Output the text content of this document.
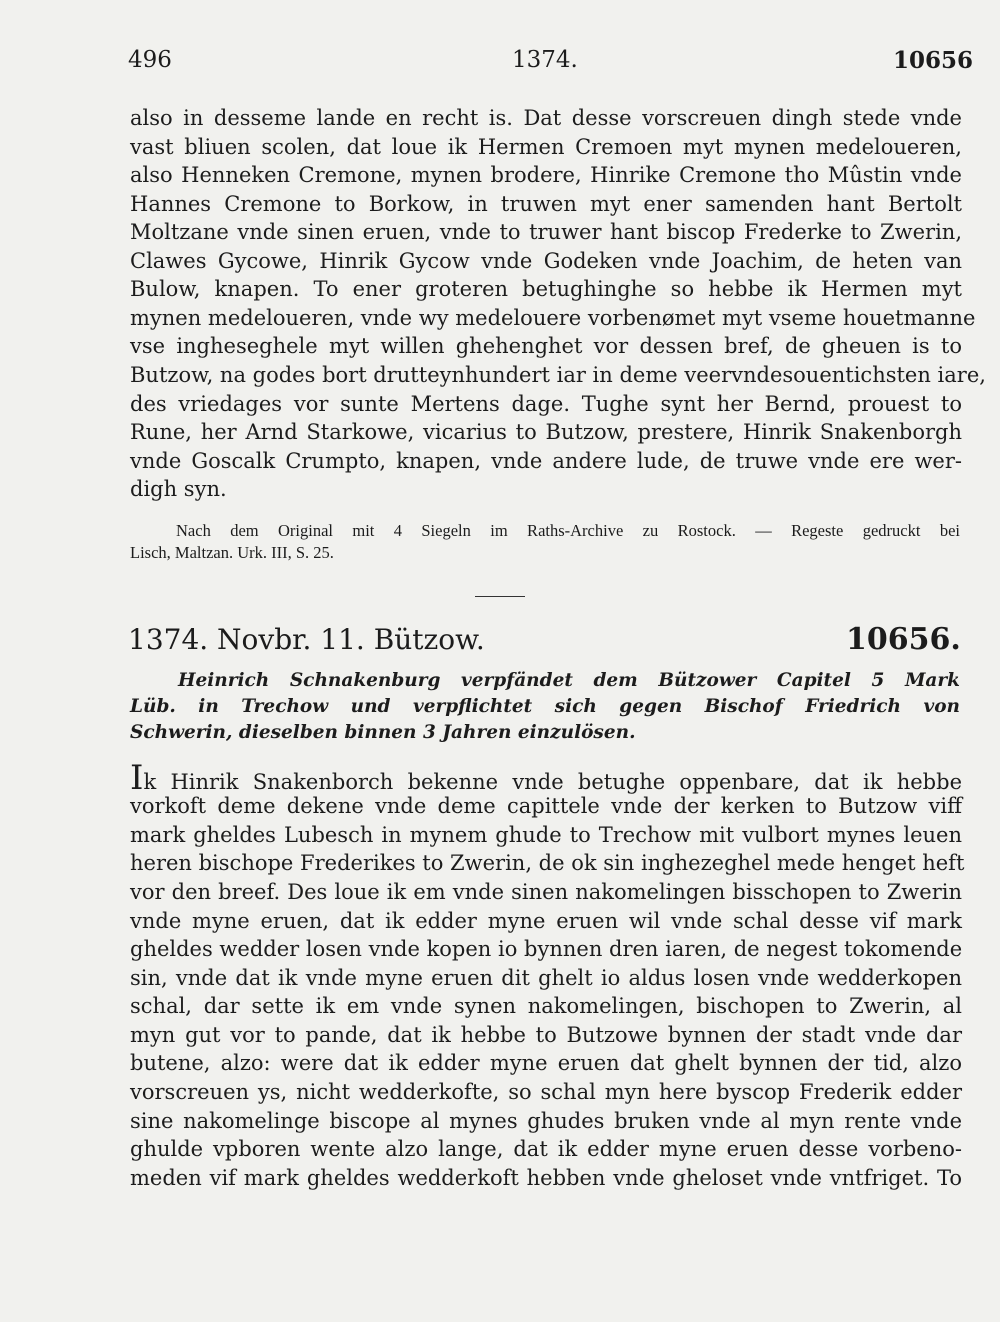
496	1374.	10656
also in desseme lande en recht is. Dat desse vorscreuen dingh stede vnde
vast bliuen scolen, dat loue ik Hermen Cremoen myt mynen medeloueren,
also Henneken Cremone, mynen brodere, Hinrike Cremone tho Mûstin vnde
Hannes Cremone to Borkow, in truwen myt ener samenden hant Bertolt
Moltzane vnde sinen eruen, vnde to truwer hant biscop Frederke to Zwerin,
Clawes Gycowe, Hinrik Gycow vnde Godeken vnde Joachim, de heten van
Bulow, knapen. To ener groteren betughinghe so hebbe ik Hermen myt
mynen medeloueren, vnde wy medelouere vorbenømet myt vseme houetmanne
vse ingheseghele myt willen ghehenghet vor dessen bref, de gheuen is to
Butzow, na godes bort drutteynhundert iar in deme veervndesouentichsten iare,
des vriedages vor sunte Mertens dage. Tughe synt her Bernd, prouest to
Rune, her Arnd Starkowe, vicarius to Butzow, prestere, Hinrik Snakenborgh
vnde Goscalk Crumpto, knapen, vnde andere lude, de truwe vnde ere wer-
digh syn.
Nach dem Original mit 4 Siegeln im Raths-Archive zu Rostock. — Regeste gedruckt bei
Lisch, Maltzan. Urk. III, S. 25.
1374. Novbr. 11. Bützow.	10656.
Heinrich Schnakenburg verpfändet dem Bützower Capitel 5 Mark
Lüb. in Trechow und verpflichtet sich gegen Bischof Friedrich von
Schwerin, dieselben binnen 3 Jahren einzulösen.
I k Hinrik Snakenborch bekenne vnde betughe oppenbare, dat ik hebbe
vorkoft deme dekene vnde deme capittele vnde der kerken to Butzow viff
mark gheldes Lubesch in mynem ghude to Trechow mit vulbort mynes leuen
heren bischope Frederikes to Zwerin, de ok sin inghezeghel mede henget heft
vor den breef. Des loue ik em vnde sinen nakomelingen bisschopen to Zwerin
vnde myne eruen, dat ik edder myne eruen wil vnde schal desse vif mark
gheldes wedder losen vnde kopen io bynnen dren iaren, de negest tokomende
sin, vnde dat ik vnde myne eruen dit ghelt io aldus losen vnde wedderkopen
schal, dar sette ik em vnde synen nakomelingen, bischopen to Zwerin, al
myn gut vor to pande, dat ik hebbe to Butzowe bynnen der stadt vnde dar
butene, alzo: were dat ik edder myne eruen dat ghelt bynnen der tid, alzo
vorscreuen ys, nicht wedderkofte, so schal myn here byscop Frederik edder
sine nakomelinge biscope al mynes ghudes bruken vnde al myn rente vnde
ghulde vpboren wente alzo lange, dat ik edder myne eruen desse vorbeno-
meden vif mark gheldes wedderkoft hebben vnde gheloset vnde vntfriget. To
